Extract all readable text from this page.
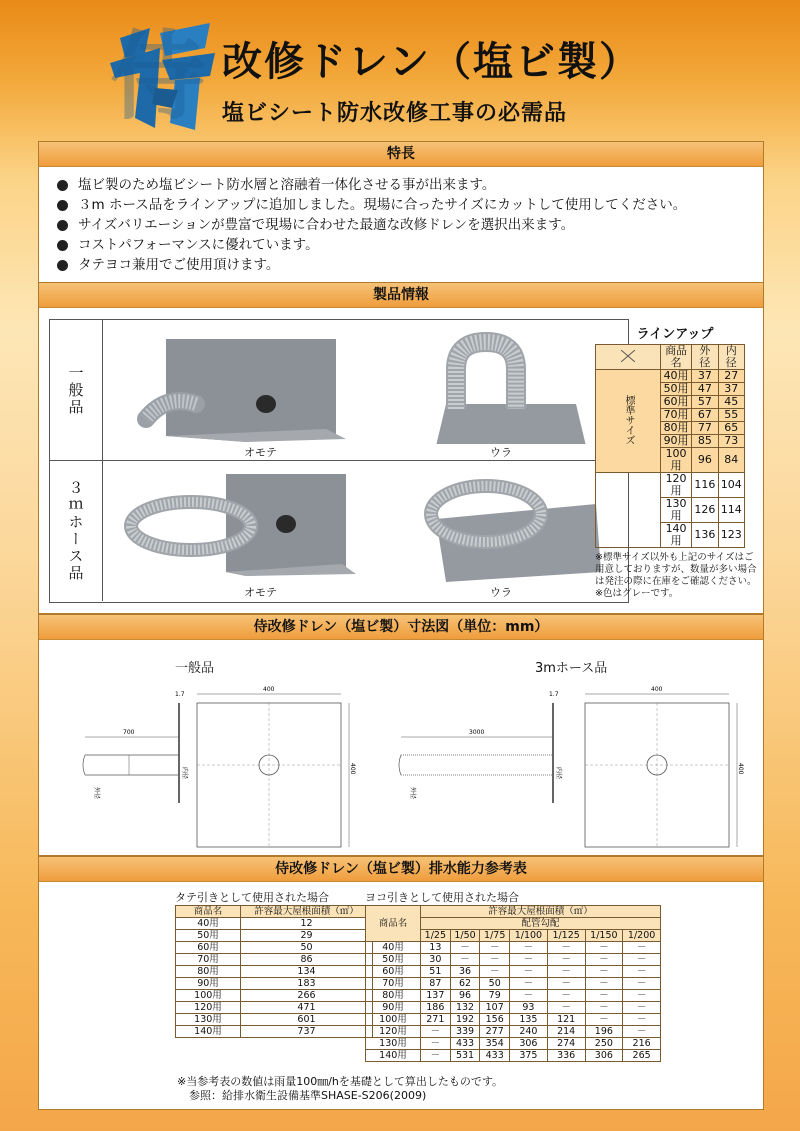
侍 改修ドレン（塩ビ製）
塩ビシート防水改修工事の必需品
特長
塩ビ製のため塩ビシート防水層と溶融着一体化させる事が出来ます。
３m ホース品をラインアップに追加しました。現場に合ったサイズにカットして使用してください。
サイズバリエーションが豊富で現場に合わせた最適な改修ドレンを選択出来ます。
コストパフォーマンスに優れています。
タテヨコ兼用でご使用頂けます。
製品情報
一般品
オモテ	ウラ
３ｍホース品
オモテ	ウラ
ラインアップ
	商品名	外径	内径
標準サイズ	40用	37	27
	50用	47	37
	60用	57	45
	70用	67	55
	80用	77	65
	90用	85	73
	100用	96	84
	120用	116	104
	130用	126	114
	140用	136	123
※標準サイズ以外も上記のサイズはご用意しておりますが、数量が多い場合は発注の際に在庫をご確認ください。
※色はグレーです。
侍改修ドレン（塩ビ製）寸法図（単位：mm）
一般品	3mホース品
1.7
700
内径
外径
400
400
1.7
3000
内径
外径
400
400
侍改修ドレン（塩ビ製）排水能力参考表
タテ引きとして使用された場合
商品名	許容最大屋根面積（㎡）
40用	12
50用	29
60用	50
70用	86
80用	134
90用	183
100用	266
120用	471
130用	601
140用	737
ヨコ引きとして使用された場合
商品名	許容最大屋根面積（㎡）						
	配管勾配						
	1/25	1/50	1/75	1/100	1/125	1/150	1/200
40用	13	－	－	－	－	－	－
50用	30	－	－	－	－	－	－
60用	51	36	－	－	－	－	－
70用	87	62	50	－	－	－	－
80用	137	96	79	－	－	－	－
90用	186	132	107	93	－	－	－
100用	271	192	156	135	121	－	－
120用	－	339	277	240	214	196	－
130用	－	433	354	306	274	250	216
140用	－	531	433	375	336	306	265
※当参考表の数値は雨量100㎜/hを基礎として算出したものです。
参照：給排水衛生設備基準SHASE-S206(2009)
